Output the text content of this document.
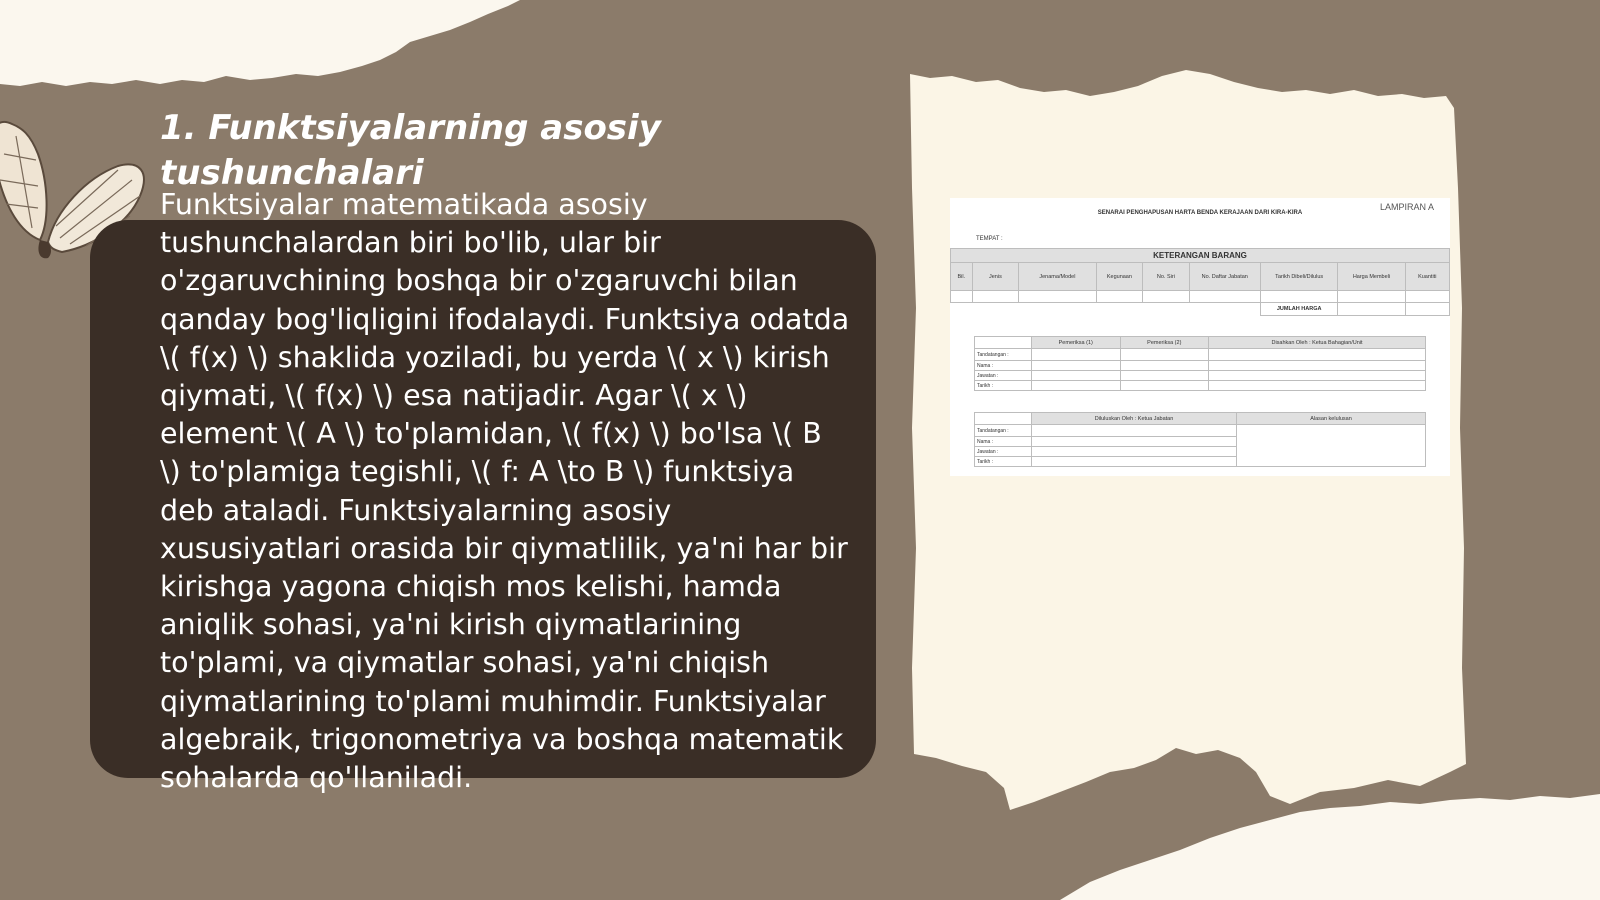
1. Funktsiyalarning asosiy tushunchalari

Funktsiyalar matematikada asosiy tushunchalardan biri bo'lib, ular bir o'zgaruvchining boshqa bir o'zgaruvchi bilan qanday bog'liqligini ifodalaydi. Funktsiya odatda \( f(x) \) shaklida yoziladi, bu yerda \( x \) kirish qiymati, \( f(x) \) esa natijadir. Agar \( x \) element \( A \) to'plamidan, \( f(x) \) bo'lsa \( B \) to'plamiga tegishli, \( f: A \to B \) funktsiya deb ataladi. Funktsiyalarning asosiy xususiyatlari orasida bir qiymatlilik, ya'ni har bir kirishga yagona chiqish mos kelishi, hamda aniqlik sohasi, ya'ni kirish qiymatlarining to'plami, va qiymatlar sohasi, ya'ni chiqish qiymatlarining to'plami muhimdir. Funktsiyalar algebraik, trigonometriya va boshqa matematik sohalarda qo'llaniladi.

LAMPIRAN A
SENARAI PENGHAPUSAN HARTA BENDA KERAJAAN DARI KIRA-KIRA
TEMPAT :
KETERANGAN BARANG								
Bil.	Jenis	Jenama/Model	Kegunaan	No. Siri	No. Daftar Jabatan	Tarikh Dibeli/Dilulus	Harga Membeli	Kuantiti

						JUMLAH HARGA		
	Pemeriksa (1)	Pemeriksa (2)	Disahkan Oleh : Ketua Bahagian/Unit
Tandatangan :			
Nama :			
Jawatan :			
Tarikh :			
	Diluluskan Oleh : Ketua Jabatan	Alasan kelulusan
Tandatangan :		
Nama :		
Jawatan :		
Tarikh :		
